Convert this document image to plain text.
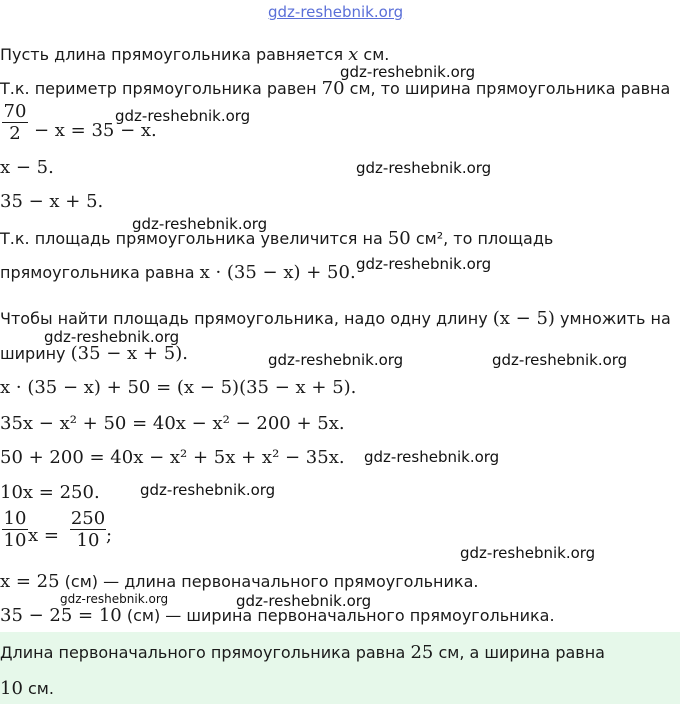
gdz-reshebnik.org
Пусть длина прямоугольника равняется x см.
gdz-reshebnik.org
Т.к. периметр прямоугольника равен 70 см, то ширина прямоугольника равна
70
2 − x = 35 − x.
gdz-reshebnik.org
x − 5.	gdz-reshebnik.org
35 − x + 5.
gdz-reshebnik.org
Т.к. площадь прямоугольника увеличится на 50 см², то площадь
прямоугольника равна x · (35 − x) + 50. gdz-reshebnik.org
Чтобы найти площадь прямоугольника, надо одну длину (x − 5) умножить на
gdz-reshebnik.org
ширину (35 − x + 5).	gdz-reshebnik.org	gdz-reshebnik.org
x · (35 − x) + 50 = (x − 5)(35 − x + 5).
35x − x² + 50 = 40x − x² − 200 + 5x.
50 + 200 = 40x − x² + 5x + x² − 35x. gdz-reshebnik.org
10x = 250.	gdz-reshebnik.org
10
10 x =
250
10 ;
gdz-reshebnik.org
x = 25 (см) — длина первоначального прямоугольника.
gdz-reshebnik.org	gdz-reshebnik.org
35 − 25 = 10 (см) — ширина первоначального прямоугольника.
Длина первоначального прямоугольника равна 25 см, а ширина равна
10 см.
